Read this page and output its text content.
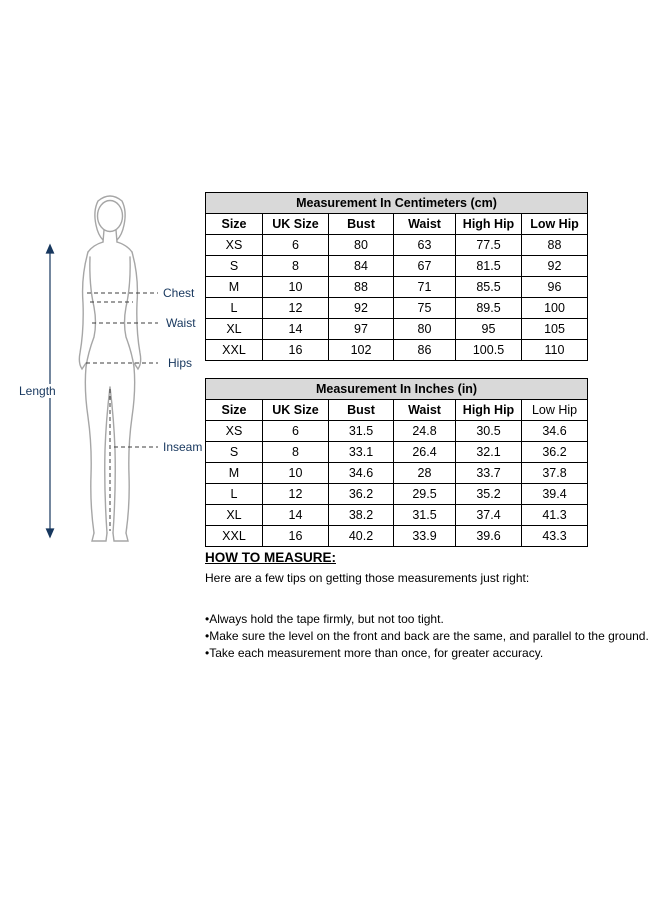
Chest
Waist
Hips
Length
Inseam
Measurement In Centimeters (cm)					
Size	UK Size	Bust	Waist	High Hip	Low Hip
XS	6	80	63	77.5	88
S	8	84	67	81.5	92
M	10	88	71	85.5	96
L	12	92	75	89.5	100
XL	14	97	80	95	105
XXL	16	102	86	100.5	110
Measurement In Inches (in)					
Size	UK Size	Bust	Waist	High Hip	Low Hip
XS	6	31.5	24.8	30.5	34.6
S	8	33.1	26.4	32.1	36.2
M	10	34.6	28	33.7	37.8
L	12	36.2	29.5	35.2	39.4
XL	14	38.2	31.5	37.4	41.3
XXL	16	40.2	33.9	39.6	43.3
HOW TO MEASURE:

Here are a few tips on getting those measurements just right:

• Always hold the tape firmly, but not too tight.
• Make sure the level on the front and back are the same, and parallel to the ground.
• Take each measurement more than once, for greater accuracy.
